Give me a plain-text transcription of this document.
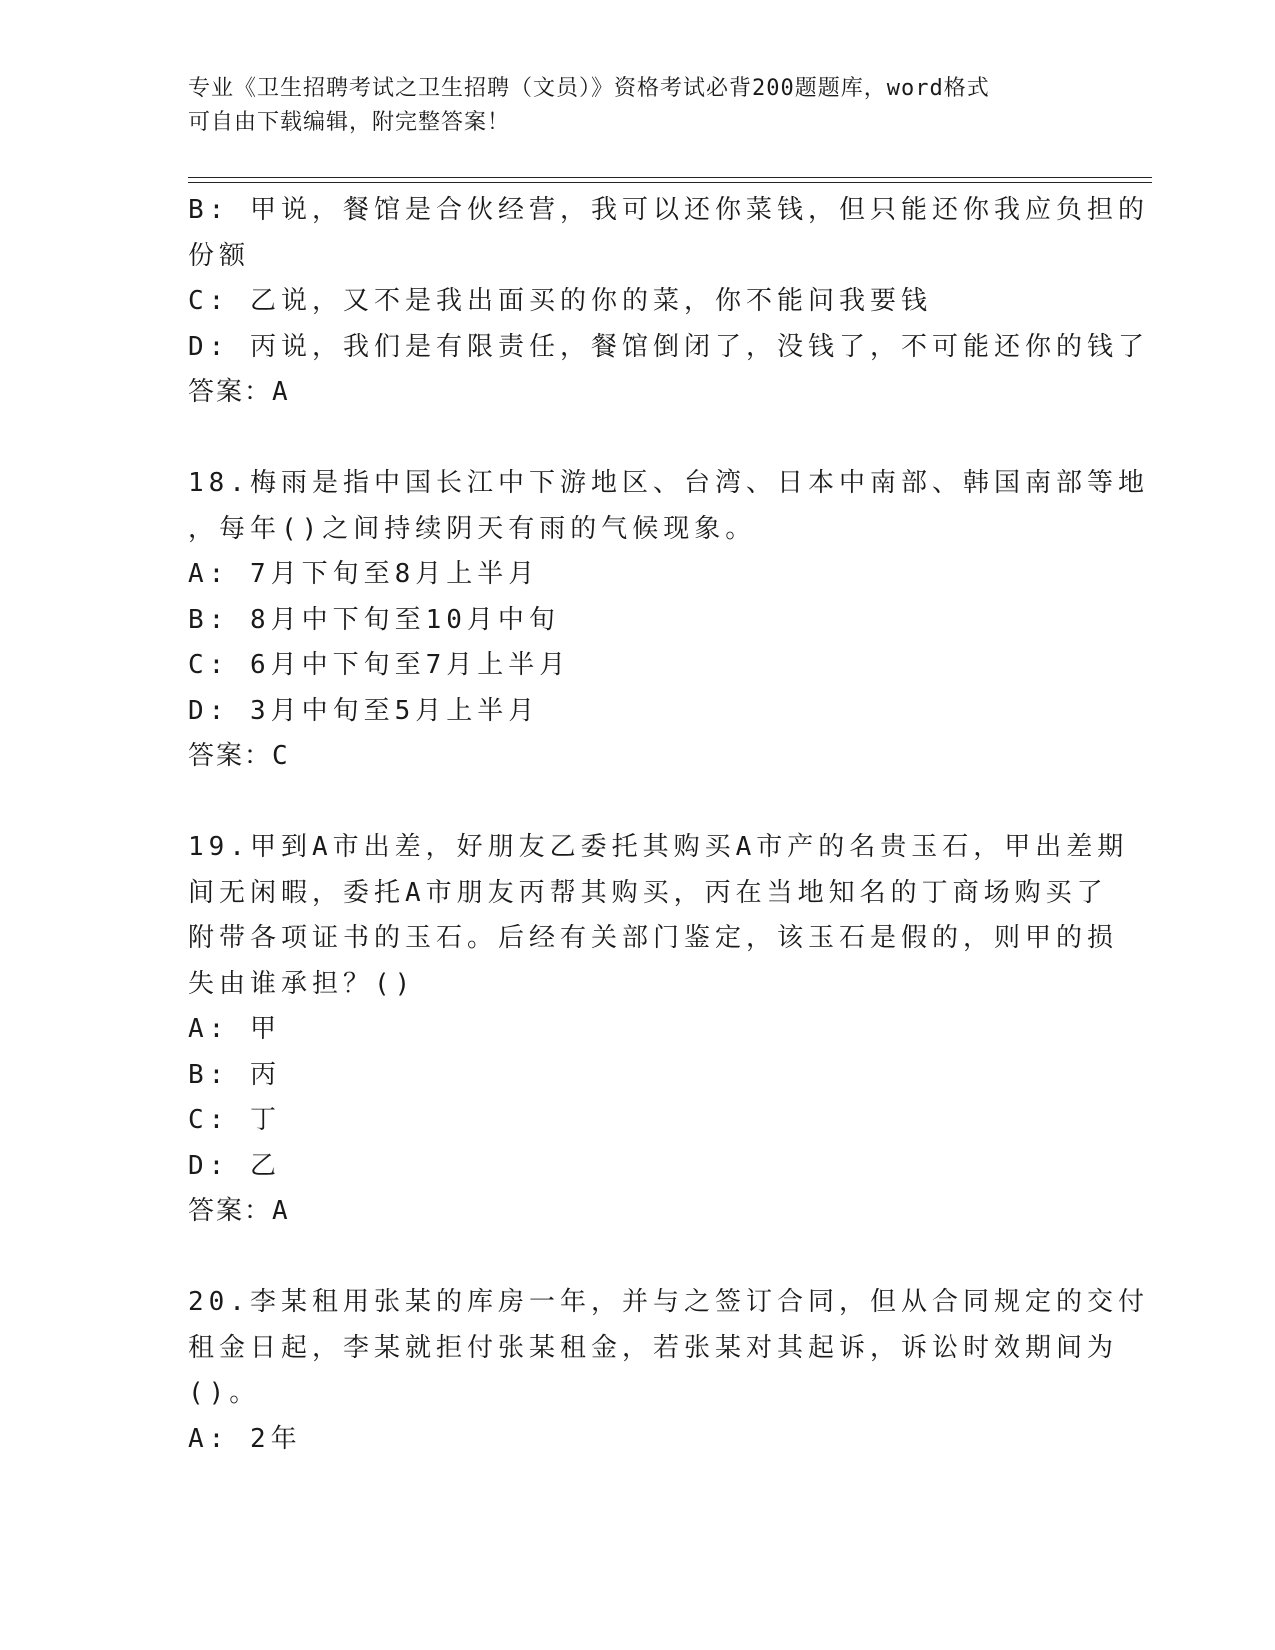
专业《卫生招聘考试之卫生招聘（文员）》资格考试必背200题题库，word格式
可自由下载编辑，附完整答案！
B: 甲说，餐馆是合伙经营，我可以还你菜钱，但只能还你我应负担的
份额
C: 乙说，又不是我出面买的你的菜，你不能问我要钱
D: 丙说，我们是有限责任，餐馆倒闭了，没钱了，不可能还你的钱了
答案：A
18.梅雨是指中国长江中下游地区、台湾、日本中南部、韩国南部等地
，每年()之间持续阴天有雨的气候现象。
A: 7月下旬至8月上半月
B: 8月中下旬至10月中旬
C: 6月中下旬至7月上半月
D: 3月中旬至5月上半月
答案：C
19.甲到A市出差，好朋友乙委托其购买A市产的名贵玉石，甲出差期
间无闲暇，委托A市朋友丙帮其购买，丙在当地知名的丁商场购买了
附带各项证书的玉石。后经有关部门鉴定，该玉石是假的，则甲的损
失由谁承担？()
A: 甲
B: 丙
C: 丁
D: 乙
答案：A
20.李某租用张某的库房一年，并与之签订合同，但从合同规定的交付
租金日起，李某就拒付张某租金，若张某对其起诉，诉讼时效期间为
()。
A: 2年
